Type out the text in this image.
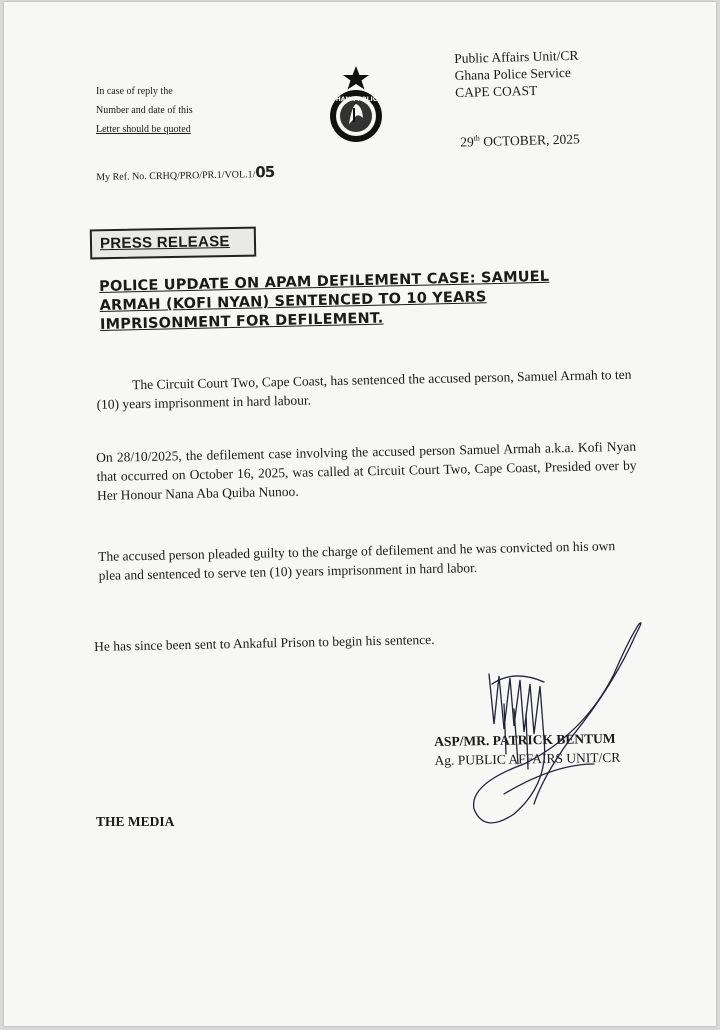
In case of reply the
Number and date of this
Letter should be quoted
GHANA POLICE
Public Affairs Unit/CR
Ghana Police Service
CAPE COAST
29th OCTOBER, 2025
My Ref. No. CRHQ/PRO/PR.1/VOL.1/05
PRESS RELEASE
POLICE UPDATE ON APAM DEFILEMENT CASE: SAMUEL
ARMAH (KOFI NYAN) SENTENCED TO 10 YEARS
IMPRISONMENT FOR DEFILEMENT.
The Circuit Court Two, Cape Coast, has sentenced the accused person, Samuel Armah to ten (10) years imprisonment in hard labour.
On 28/10/2025, the defilement case involving the accused person Samuel Armah a.k.a. Kofi Nyan that occurred on October 16, 2025, was called at Circuit Court Two, Cape Coast, Presided over by Her Honour Nana Aba Quiba Nunoo.
The accused person pleaded guilty to the charge of defilement and he was convicted on his own plea and sentenced to serve ten (10) years imprisonment in hard labor.
He has since been sent to Ankaful Prison to begin his sentence.
ASP/MR. PATRICK BENTUM
Ag. PUBLIC AFFAIRS UNIT/CR
THE MEDIA
